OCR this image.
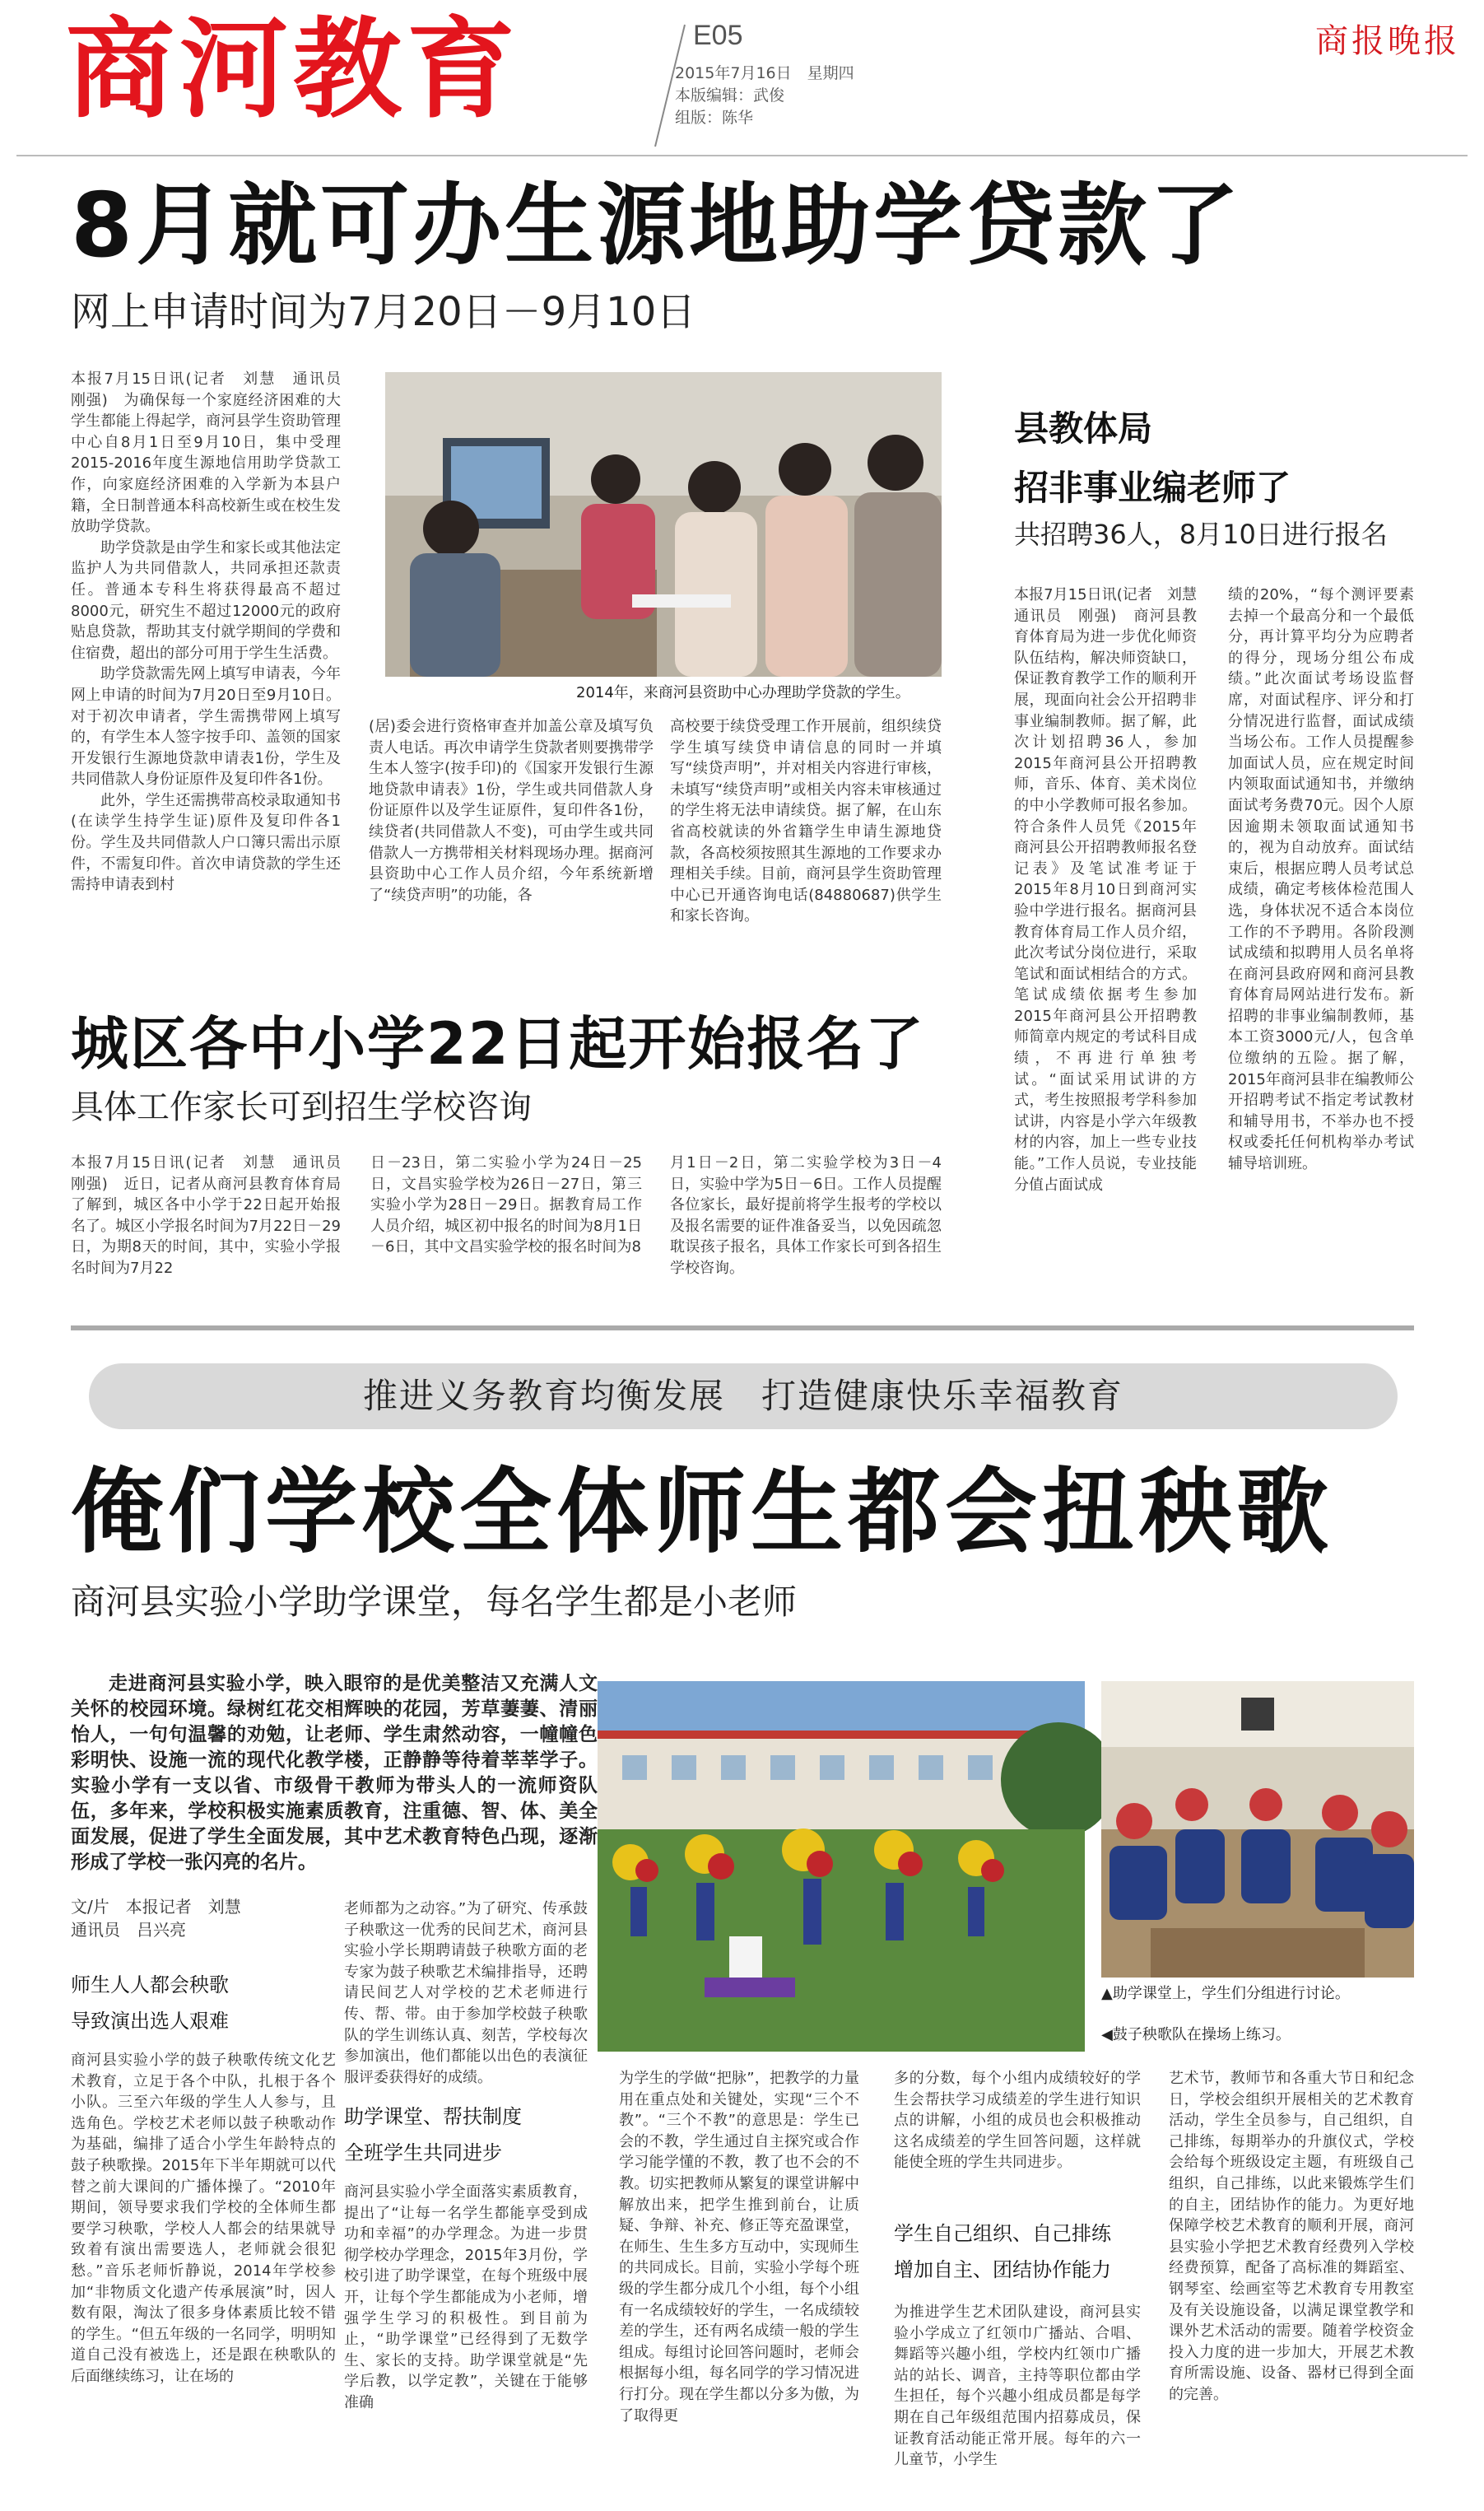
商河教育	E05
2015年7月16日　星期四
本版编辑：武俊
组版：陈华
商报晚报
8月就可办生源地助学贷款了
网上申请时间为7月20日－9月10日

本报7月15日讯(记者　刘慧　通讯员　刚强)　为确保每一个家庭经济困难的大学生都能上得起学，商河县学生资助管理中心自8月1日至9月10日，集中受理2015-2016年度生源地信用助学贷款工作，向家庭经济困难的入学新为本县户籍，全日制普通本科高校新生或在校生发放助学贷款。

助学贷款是由学生和家长或其他法定监护人为共同借款人，共同承担还款责任。普通本专科生将获得最高不超过8000元，研究生不超过12000元的政府贴息贷款，帮助其支付就学期间的学费和住宿费，超出的部分可用于学生生活费。

助学贷款需先网上填写申请表，今年网上申请的时间为7月20日至9月10日。对于初次申请者，学生需携带网上填写的，有学生本人签字按手印、盖领的国家开发银行生源地贷款申请表1份，学生及共同借款人身份证原件及复印件各1份。

此外，学生还需携带高校录取通知书(在读学生持学生证)原件及复印件各1份。学生及共同借款人户口簿只需出示原件，不需复印件。首次申请贷款的学生还需持申请表到村

2014年，来商河县资助中心办理助学贷款的学生。

(居)委会进行资格审查并加盖公章及填写负责人电话。再次申请学生贷款者则要携带学生本人签字(按手印)的《国家开发银行生源地贷款申请表》1份，学生或共同借款人身份证原件以及学生证原件，复印件各1份，续贷者(共同借款人不变)，可由学生或共同借款人一方携带相关材料现场办理。据商河县资助中心工作人员介绍，今年系统新增了“续贷声明”的功能，各

高校要于续贷受理工作开展前，组织续贷学生填写续贷申请信息的同时一并填写“续贷声明”，并对相关内容进行审核，未填写“续贷声明”或相关内容未审核通过的学生将无法申请续贷。据了解，在山东省高校就读的外省籍学生申请生源地贷款，各高校须按照其生源地的工作要求办理相关手续。目前，商河县学生资助管理中心已开通咨询电话(84880687)供学生和家长咨询。

县教体局
招非事业编老师了
共招聘36人，8月10日进行报名

本报7月15日讯(记者　刘慧　通讯员　刚强)　商河县教育体育局为进一步优化师资队伍结构，解决师资缺口，保证教育教学工作的顺利开展，现面向社会公开招聘非事业编制教师。据了解，此次计划招聘36人，参加2015年商河县公开招聘教师，音乐、体育、美术岗位的中小学教师可报名参加。符合条件人员凭《2015年商河县公开招聘教师报名登记表》及笔试准考证于2015年8月10日到商河实验中学进行报名。据商河县教育体育局工作人员介绍，此次考试分岗位进行，采取笔试和面试相结合的方式。笔试成绩依据考生参加2015年商河县公开招聘教师简章内规定的考试科目成绩，不再进行单独考试。“面试采用试讲的方式，考生按照报考学科参加试讲，内容是小学六年级教材的内容，加上一些专业技能。”工作人员说，专业技能分值占面试成

绩的20%，“每个测评要素去掉一个最高分和一个最低分，再计算平均分为应聘者的得分，现场分组公布成绩。”此次面试考场设监督席，对面试程序、评分和打分情况进行监督，面试成绩当场公布。工作人员提醒参加面试人员，应在规定时间内领取面试通知书，并缴纳面试考务费70元。因个人原因逾期未领取面试通知书的，视为自动放弃。面试结束后，根据应聘人员考试总成绩，确定考核体检范围人选，身体状况不适合本岗位工作的不予聘用。各阶段测试成绩和拟聘用人员名单将在商河县政府网和商河县教育体育局网站进行发布。新招聘的非事业编制教师，基本工资3000元/人，包含单位缴纳的五险。据了解，2015年商河县非在编教师公开招聘考试不指定考试教材和辅导用书，不举办也不授权或委托任何机构举办考试辅导培训班。

城区各中小学22日起开始报名了
具体工作家长可到招生学校咨询

本报7月15日讯(记者　刘慧　通讯员　刚强)　近日，记者从商河县教育体育局了解到，城区各中小学于22日起开始报名了。城区小学报名时间为7月22日－29日，为期8天的时间，其中，实验小学报名时间为7月22

日－23日，第二实验小学为24日－25日，文昌实验学校为26日－27日，第三实验小学为28日－29日。据教育局工作人员介绍，城区初中报名的时间为8月1日－6日，其中文昌实验学校的报名时间为8

月1日－2日，第二实验学校为3日－4日，实验中学为5日－6日。工作人员提醒各位家长，最好提前将学生报考的学校以及报名需要的证件准备妥当，以免因疏忽耽误孩子报名，具体工作家长可到各招生学校咨询。

推进义务教育均衡发展　打造健康快乐幸福教育
俺们学校全体师生都会扭秧歌
商河县实验小学助学课堂，每名学生都是小老师

走进商河县实验小学，映入眼帘的是优美整洁又充满人文关怀的校园环境。绿树红花交相辉映的花园，芳草萋萋、清丽怡人，一句句温馨的劝勉，让老师、学生肃然动容，一幢幢色彩明快、设施一流的现代化教学楼，正静静等待着莘莘学子。实验小学有一支以省、市级骨干教师为带头人的一流师资队伍，多年来，学校积极实施素质教育，注重德、智、体、美全面发展，促进了学生全面发展，其中艺术教育特色凸现，逐渐形成了学校一张闪亮的名片。

▲助学课堂上，学生们分组进行讨论。
◀鼓子秧歌队在操场上练习。
文/片　本报记者　刘慧
通讯员　吕兴亮
师生人人都会秧歌
导致演出选人艰难

商河县实验小学的鼓子秧歌传统文化艺术教育，立足于各个中队，扎根于各个小队。三至六年级的学生人人参与，且选角色。学校艺术老师以鼓子秧歌动作为基础，编排了适合小学生年龄特点的鼓子秧歌操。2015年下半年期就可以代替之前大课间的广播体操了。“2010年期间，领导要求我们学校的全体师生都要学习秧歌，学校人人都会的结果就导致着有演出需要选人，老师就会很犯愁。”音乐老师忻静说，2014年学校参加“非物质文化遗产传承展演”时，因人数有限，淘汰了很多身体素质比较不错的学生。“但五年级的一名同学，明明知道自己没有被选上，还是跟在秧歌队的后面继续练习，让在场的

老师都为之动容。”为了研究、传承鼓子秧歌这一优秀的民间艺术，商河县实验小学长期聘请鼓子秧歌方面的老专家为鼓子秧歌艺术编排指导，还聘请民间艺人对学校的艺术老师进行传、帮、带。由于参加学校鼓子秧歌队的学生训练认真、刻苦，学校每次参加演出，他们都能以出色的表演征服评委获得好的成绩。

助学课堂、帮扶制度
全班学生共同进步

商河县实验小学全面落实素质教育，提出了“让每一名学生都能享受到成功和幸福”的办学理念。为进一步贯彻学校办学理念，2015年3月份，学校引进了助学课堂，在每个班级中展开，让每个学生都能成为小老师，增强学生学习的积极性。到目前为止，“助学课堂”已经得到了无数学生、家长的支持。助学课堂就是“先学后教，以学定教”，关键在于能够准确

为学生的学做“把脉”，把教学的力量用在重点处和关键处，实现“三个不教”。“三个不教”的意思是：学生已会的不教，学生通过自主探究或合作学习能学懂的不教，教了也不会的不教。切实把教师从繁复的课堂讲解中解放出来，把学生推到前台，让质疑、争辩、补充、修正等充盈课堂，在师生、生生多方互动中，实现师生的共同成长。目前，实验小学每个班级的学生都分成几个小组，每个小组有一名成绩较好的学生，一名成绩较差的学生，还有两名成绩一般的学生组成。每组讨论回答问题时，老师会根据每小组，每名同学的学习情况进行打分。现在学生都以分多为傲，为了取得更

多的分数，每个小组内成绩较好的学生会帮扶学习成绩差的学生进行知识点的讲解，小组的成员也会积极推动这名成绩差的学生回答问题，这样就能使全班的学生共同进步。

学生自己组织、自己排练
增加自主、团结协作能力

为推进学生艺术团队建设，商河县实验小学成立了红领巾广播站、合唱、舞蹈等兴趣小组，学校内红领巾广播站的站长、调音，主持等职位都由学生担任，每个兴趣小组成员都是每学期在自己年级组范围内招募成员，保证教育活动能正常开展。每年的六一儿童节，小学生

艺术节，教师节和各重大节日和纪念日，学校会组织开展相关的艺术教育活动，学生全员参与，自己组织，自己排练，每期举办的升旗仪式，学校会给每个班级设定主题，有班级自己组织，自己排练，以此来锻炼学生们的自主，团结协作的能力。为更好地保障学校艺术教育的顺利开展，商河县实验小学把艺术教育经费列入学校经费预算，配备了高标准的舞蹈室、钢琴室、绘画室等艺术教育专用教室及有关设施设备，以满足课堂教学和课外艺术活动的需要。随着学校资金投入力度的进一步加大，开展艺术教育所需设施、设备、器材已得到全面的完善。
